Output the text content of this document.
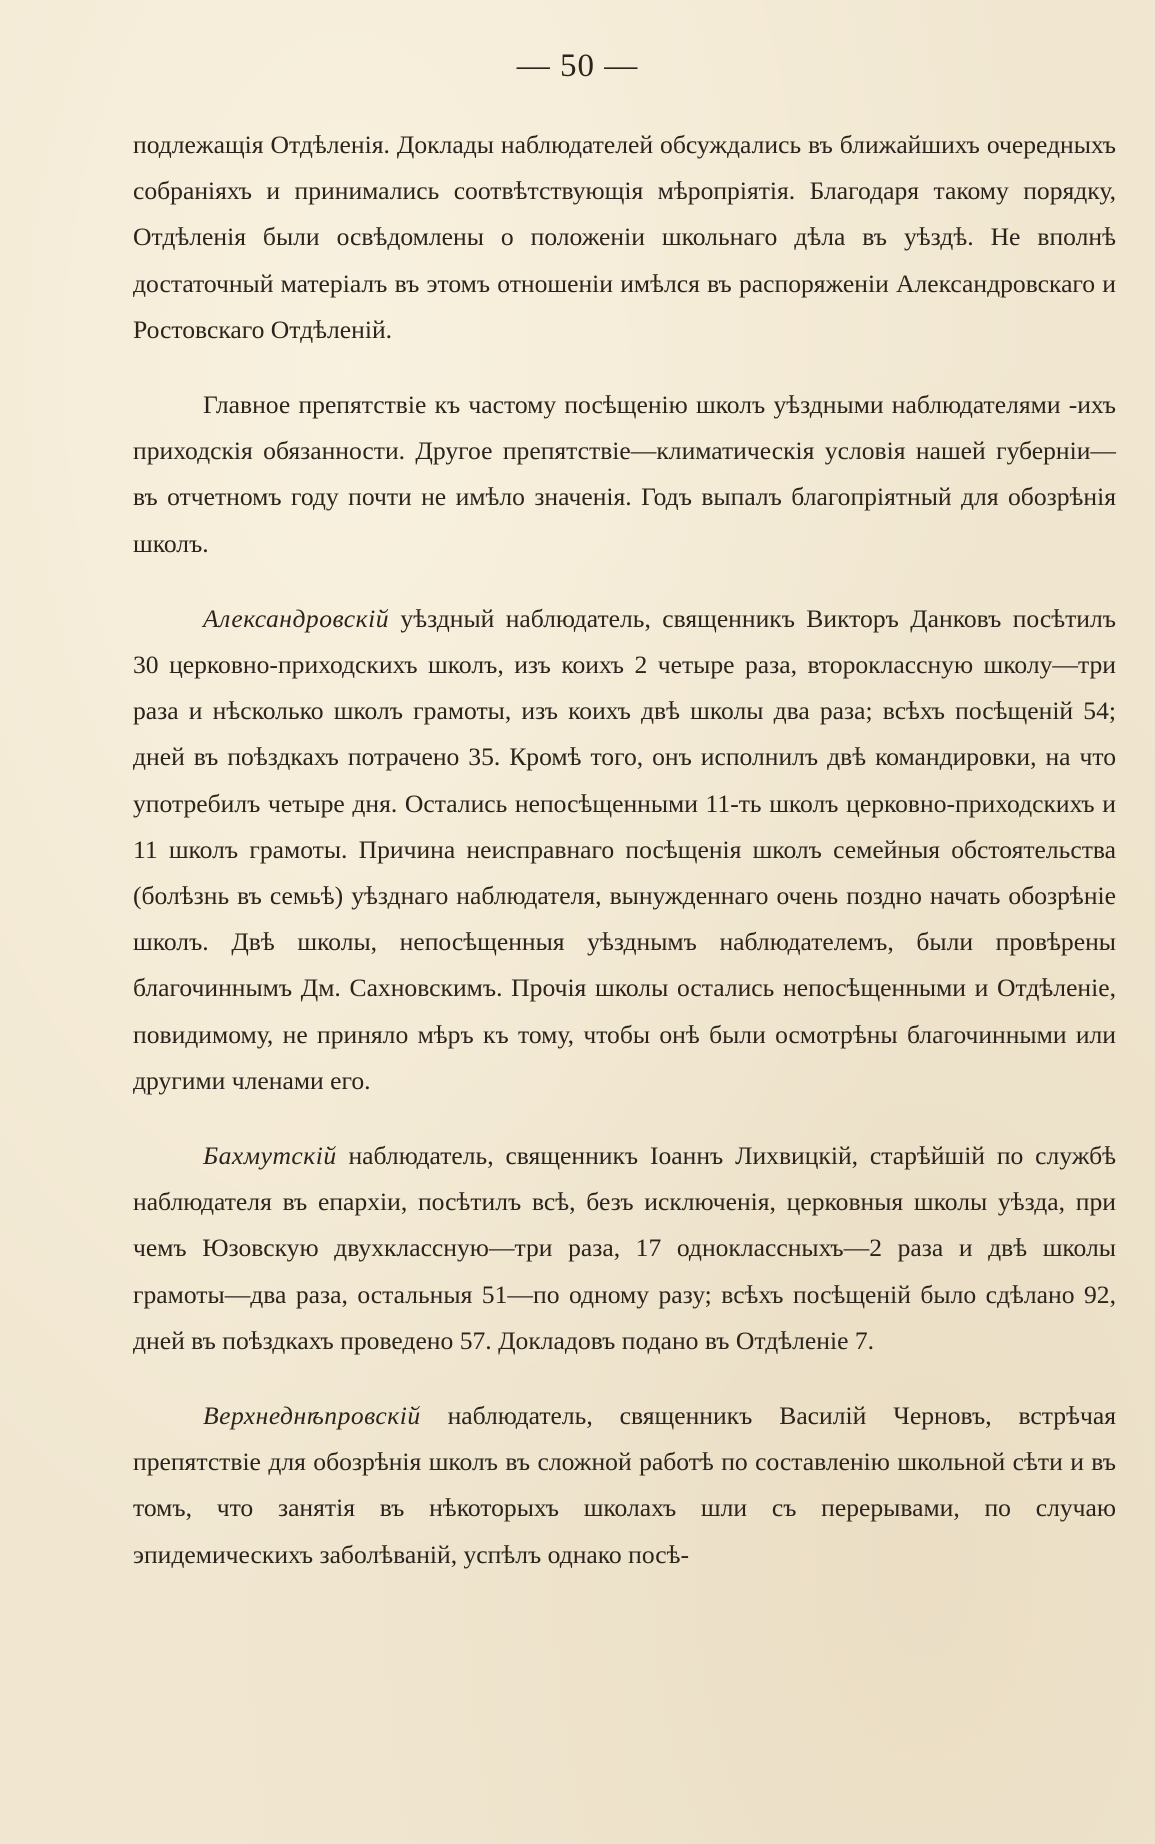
— 50 —

подлежащія Отдѣленія. Доклады наблюдателей обсуждались въ ближайшихъ очередныхъ собраніяхъ и принимались соотвѣтствующія мѣропріятія. Благодаря такому порядку, Отдѣленія были освѣдомлены о положеніи школьнаго дѣла въ уѣздѣ. Не вполнѣ достаточный матеріалъ въ этомъ отношеніи имѣлся въ распоряженіи Александровскаго и Ростовскаго Отдѣленій.

Главное препятствіе къ частому посѣщенію школъ уѣздными наблюдателями -ихъ приходскія обязанности. Другое препятствіе—климатическія условія нашей губерніи—въ отчетномъ году почти не имѣло значенія. Годъ выпалъ благопріятный для обозрѣнія школъ.

Александровскій уѣздный наблюдатель, священникъ Викторъ Данковъ посѣтилъ 30 церковно-приходскихъ школъ, изъ коихъ 2 четыре раза, второклассную школу—три раза и нѣсколько школъ грамоты, изъ коихъ двѣ школы два раза; всѣхъ посѣщеній 54; дней въ поѣздкахъ потрачено 35. Кромѣ того, онъ исполнилъ двѣ командировки, на что употребилъ четыре дня. Остались непосѣщенными 11-ть школъ церковно-приходскихъ и 11 школъ грамоты. Причина неисправнаго посѣщенія школъ семейныя обстоятельства (болѣзнь въ семьѣ) уѣзднаго наблюдателя, вынужденнаго очень поздно начать обозрѣніе школъ. Двѣ школы, непосѣщенныя уѣзднымъ наблюдателемъ, были провѣрены благочиннымъ Дм. Сахновскимъ. Прочія школы остались непосѣщенными и Отдѣленіе, повидимому, не приняло мѣръ къ тому, чтобы онѣ были осмотрѣны благочинными или другими членами его.

Бахмутскій наблюдатель, священникъ Іоаннъ Лихвицкій, старѣйшій по службѣ наблюдателя въ епархіи, посѣтилъ всѣ, безъ исключенія, церковныя школы уѣзда, при чемъ Юзовскую двухклассную—три раза, 17 одноклассныхъ—2 раза и двѣ школы грамоты—два раза, остальныя 51—по одному разу; всѣхъ посѣщеній было сдѣлано 92, дней въ поѣздкахъ проведено 57. Докладовъ подано въ Отдѣленіе 7.

Верхнеднѣпровскій наблюдатель, священникъ Василій Черновъ, встрѣчая препятствіе для обозрѣнія школъ въ сложной работѣ по составленію школьной сѣти и въ томъ, что занятія въ нѣкоторыхъ школахъ шли съ перерывами, по случаю эпидемическихъ заболѣваній, успѣлъ однако посѣ-
